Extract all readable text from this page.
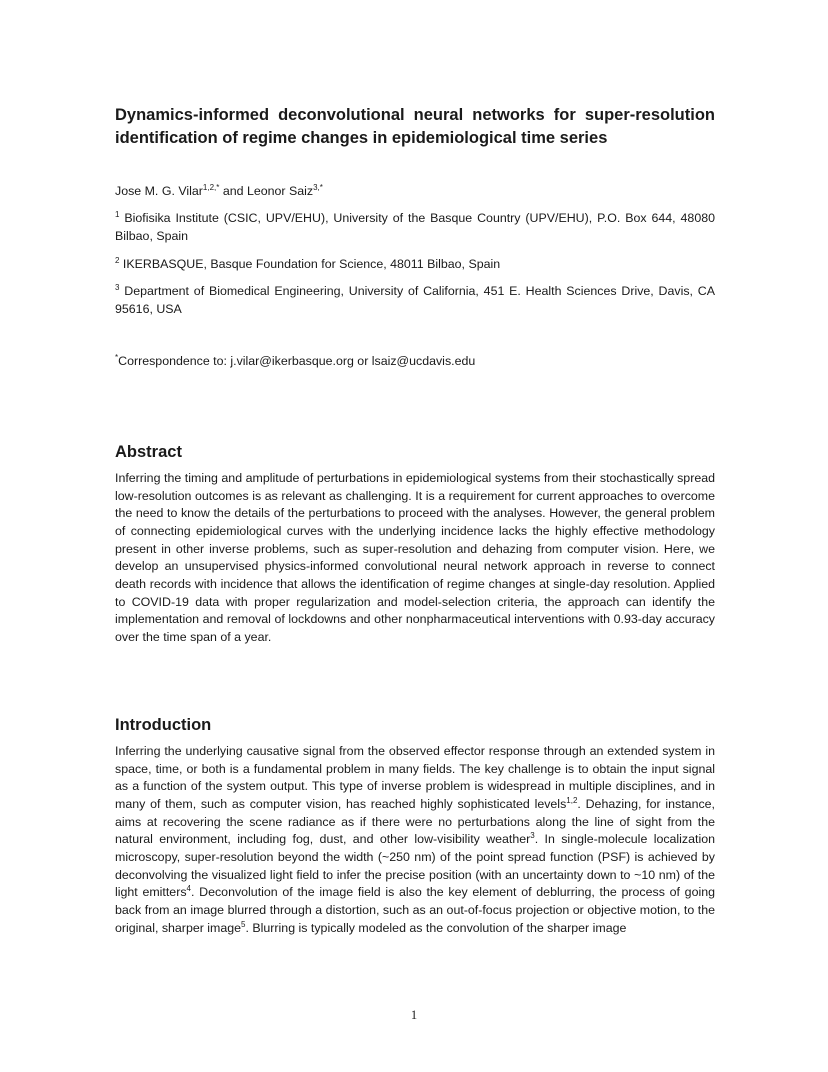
Dynamics-informed deconvolutional neural networks for super-resolution identification of regime changes in epidemiological time series

Jose M. G. Vilar$^{1,2,*}$ and Leonor Saiz$^{3,*}$

$^1$ Biofisika Institute (CSIC, UPV/EHU), University of the Basque Country (UPV/EHU), P.O. Box 644, 48080 Bilbao, Spain

$^2$ IKERBASQUE, Basque Foundation for Science, 48011 Bilbao, Spain

$^3$ Department of Biomedical Engineering, University of California, 451 E. Health Sciences Drive, Davis, CA 95616, USA

*Correspondence to: j.vilar@ikerbasque.org or lsaiz@ucdavis.edu

Abstract

Inferring the timing and amplitude of perturbations in epidemiological systems from their stochastically spread low-resolution outcomes is as relevant as challenging. It is a requirement for current approaches to overcome the need to know the details of the perturbations to proceed with the analyses. However, the general problem of connecting epidemiological curves with the underlying incidence lacks the highly effective methodology present in other inverse problems, such as super-resolution and dehazing from computer vision. Here, we develop an unsupervised physics-informed convolutional neural network approach in reverse to connect death records with incidence that allows the identification of regime changes at single-day resolution. Applied to COVID-19 data with proper regularization and model-selection criteria, the approach can identify the implementation and removal of lockdowns and other nonpharmaceutical interventions with 0.93-day accuracy over the time span of a year.

Introduction

Inferring the underlying causative signal from the observed effector response through an extended system in space, time, or both is a fundamental problem in many fields. The key challenge is to obtain the input signal as a function of the system output. This type of inverse problem is widespread in multiple disciplines, and in many of them, such as computer vision, has reached highly sophisticated levels$^{1,2}$. Dehazing, for instance, aims at recovering the scene radiance as if there were no perturbations along the line of sight from the natural environment, including fog, dust, and other low-visibility weather$^3$. In single-molecule localization microscopy, super-resolution beyond the width (~250 nm) of the point spread function (PSF) is achieved by deconvolving the visualized light field to infer the precise position (with an uncertainty down to ~10 nm) of the light emitters$^4$. Deconvolution of the image field is also the key element of deblurring, the process of going back from an image blurred through a distortion, such as an out-of-focus projection or objective motion, to the original, sharper image$^5$. Blurring is typically modeled as the convolution of the sharper image

1
